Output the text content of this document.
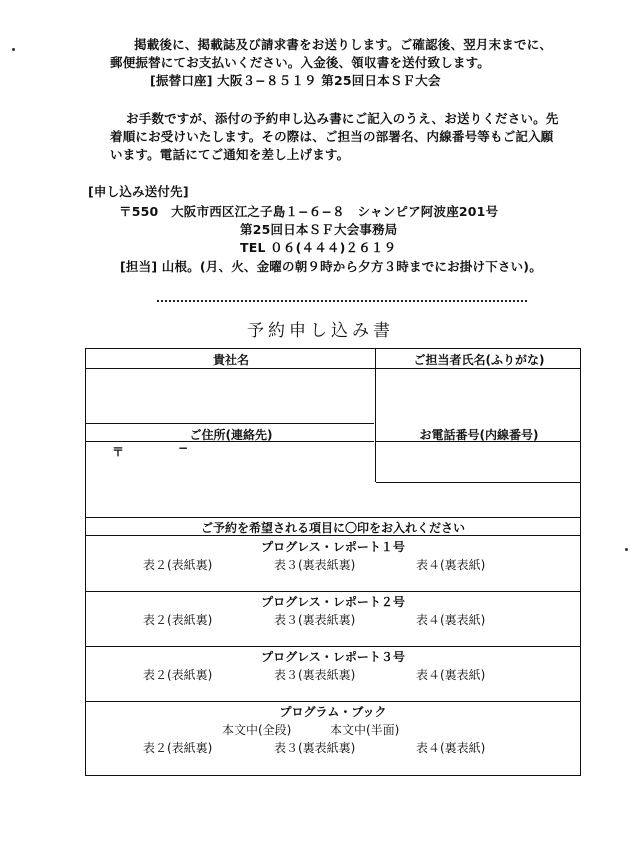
掲載後に、掲載誌及び請求書をお送りします。ご確認後、翌月末までに、
郵便振替にてお支払いください。入金後、領収書を送付致します。
[振替口座] 大阪３−８５１９ 第25回日本ＳＦ大会
お手数ですが、添付の予約申し込み書にご記入のうえ、お送りください。先
着順にお受けいたします。その際は、ご担当の部署名、内線番号等もご記入願
います。電話にてご通知を差し上げます。
[申し込み送付先]
〒550　大阪市西区江之子島１−６−８　シャンピア阿波座201号
第25回日本ＳＦ大会事務局
TEL ０６(４４４)２６１９
[担当] 山根。(月、火、金曜の朝９時から夕方３時までにお掛け下さい)。
予約申し込み書
貴社名	ご担当者氏名(ふりがな)
ご住所(連絡先)	お電話番号(内線番号)
〒	−
ご予約を希望される項目に〇印をお入れください
プログレス・レポート１号
表２(表紙裏)	表３(裏表紙裏)	表４(裏表紙)
プログレス・レポート２号
表２(表紙裏)	表３(裏表紙裏)	表４(裏表紙)
プログレス・レポート３号
表２(表紙裏)	表３(裏表紙裏)	表４(裏表紙)
プログラム・ブック
本文中(全段)	本文中(半面)
表２(表紙裏)	表３(裏表紙裏)	表４(裏表紙)
